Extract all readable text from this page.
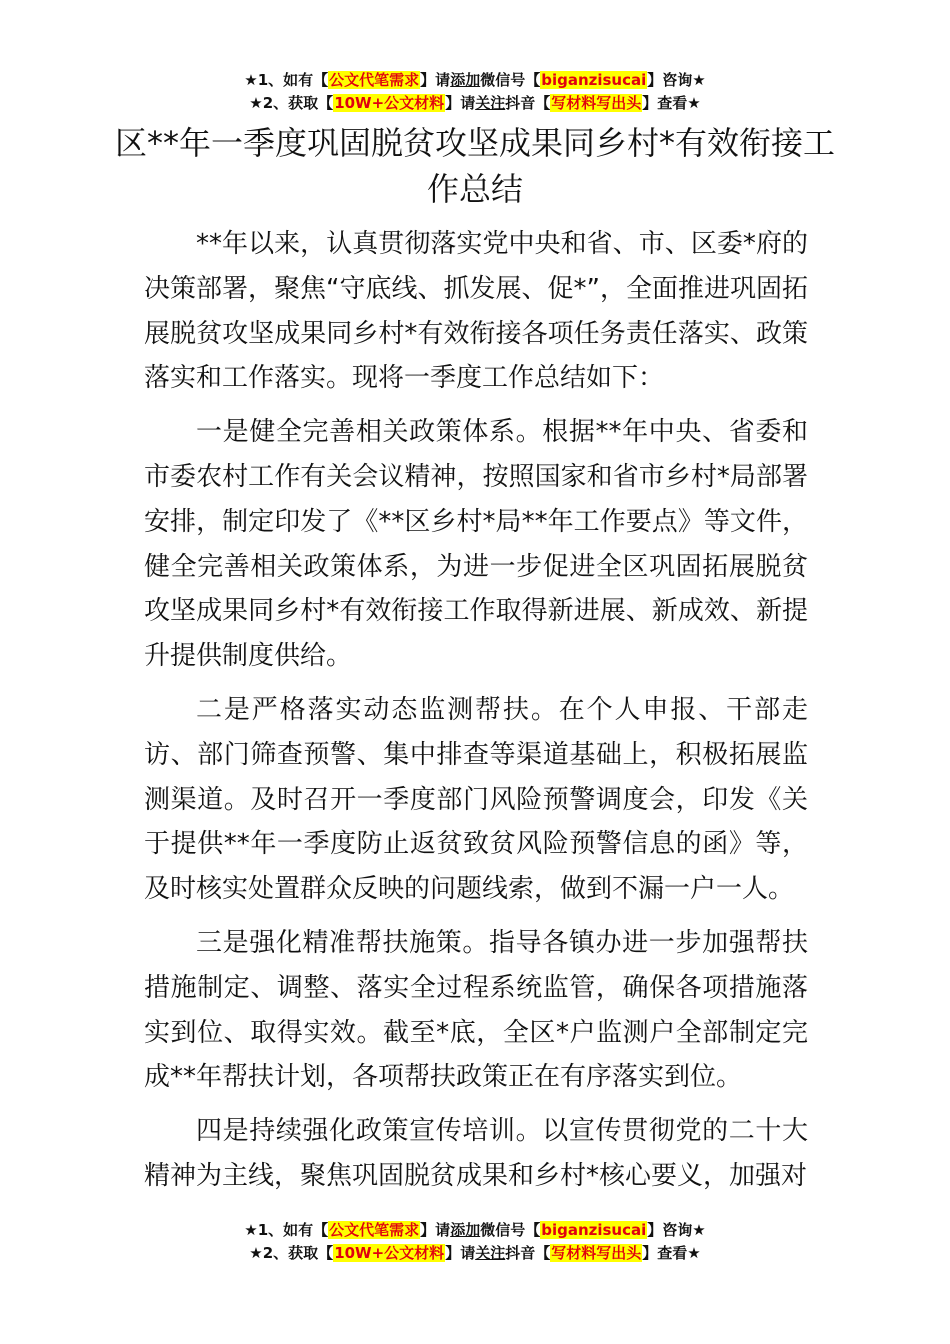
★1、如有【公文代笔需求】请添加微信号【biganzisucai】咨询★
★2、获取【10W+公文材料】请关注抖音【写材料写出头】查看★
区**年一季度巩固脱贫攻坚成果同乡村*有效衔接工作总结

**年以来，认真贯彻落实党中央和省、市、区委*府的决策部署，聚焦“守底线、抓发展、促*”，全面推进巩固拓展脱贫攻坚成果同乡村*有效衔接各项任务责任落实、政策落实和工作落实。现将一季度工作总结如下：

一是健全完善相关政策体系。根据**年中央、省委和市委农村工作有关会议精神，按照国家和省市乡村*局部署安排，制定印发了《**区乡村*局**年工作要点》等文件，健全完善相关政策体系，为进一步促进全区巩固拓展脱贫攻坚成果同乡村*有效衔接工作取得新进展、新成效、新提升提供制度供给。

二是严格落实动态监测帮扶。在个人申报、干部走访、部门筛查预警、集中排查等渠道基础上，积极拓展监测渠道。及时召开一季度部门风险预警调度会，印发《关于提供**年一季度防止返贫致贫风险预警信息的函》等，及时核实处置群众反映的问题线索，做到不漏一户一人。

三是强化精准帮扶施策。指导各镇办进一步加强帮扶措施制定、调整、落实全过程系统监管，确保各项措施落实到位、取得实效。截至*底，全区*户监测户全部制定完成**年帮扶计划，各项帮扶政策正在有序落实到位。

四是持续强化政策宣传培训。以宣传贯彻党的二十大精神为主线，聚焦巩固脱贫成果和乡村*核心要义，加强对

★1、如有【公文代笔需求】请添加微信号【biganzisucai】咨询★
★2、获取【10W+公文材料】请关注抖音【写材料写出头】查看★
